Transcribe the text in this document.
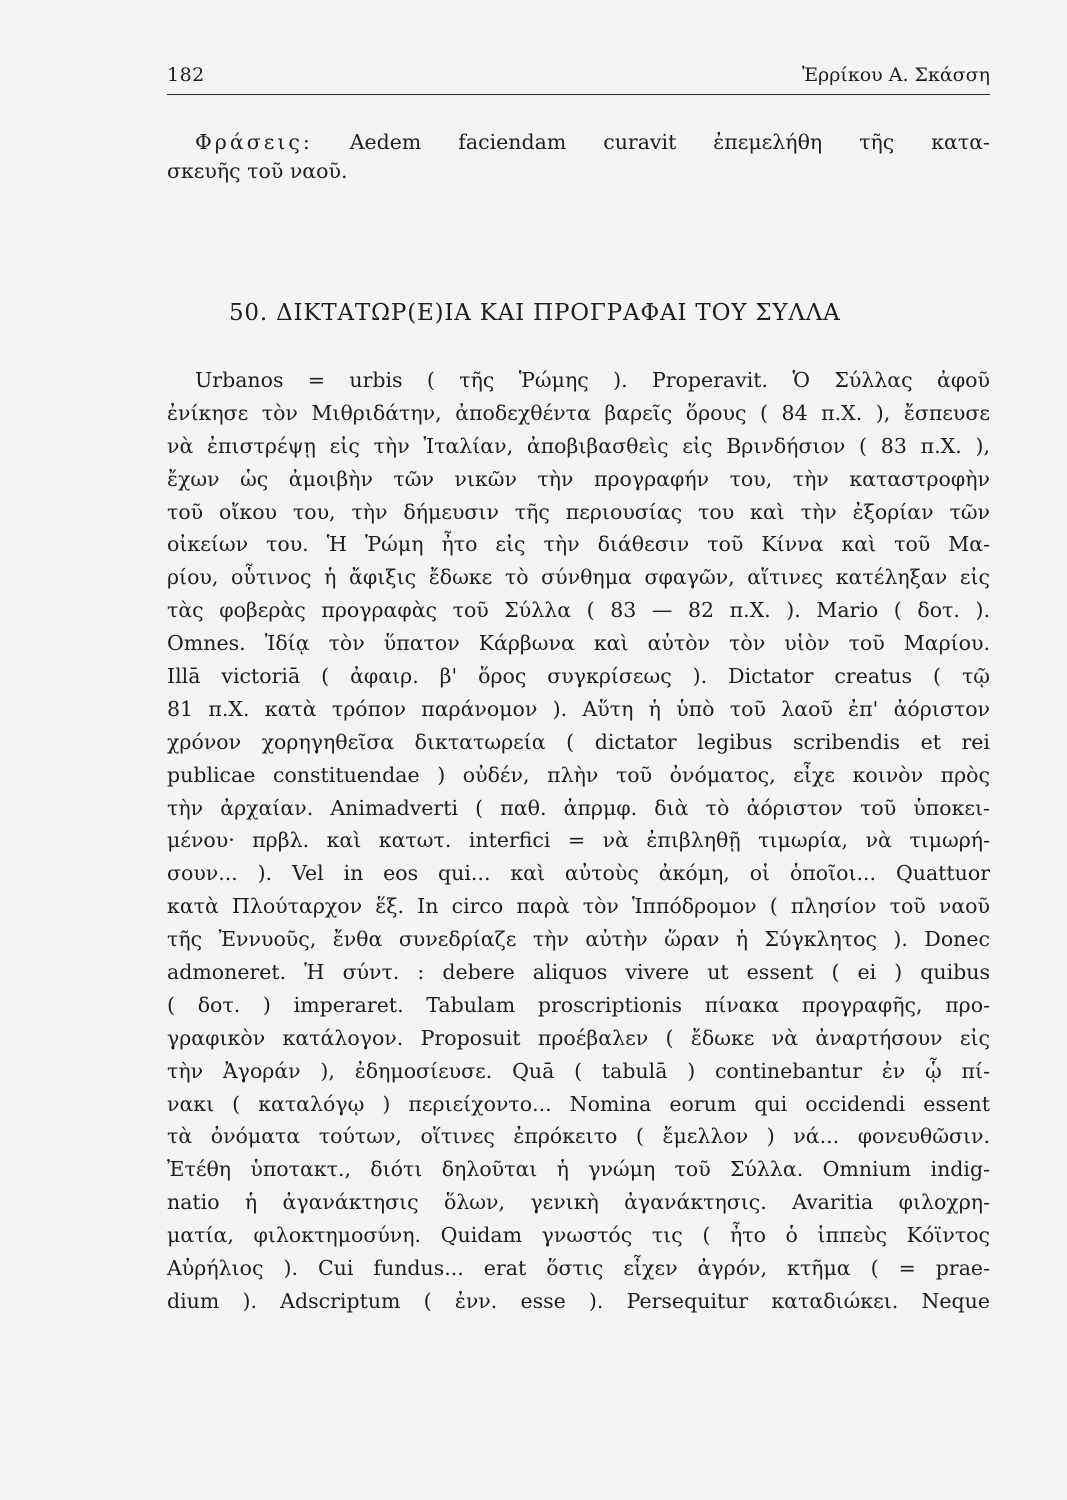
182	Ἐρρίκου Α. Σκάσση
Φράσεις: Aedem faciendam curavit ἐπεμελήθη τῆς κατα-
σκευῆς τοῦ ναοῦ.
50. ΔΙΚΤΑΤΩΡ(Ε)ΙΑ ΚΑΙ ΠΡΟΓΡΑΦΑΙ ΤΟΥ ΣΥΛΛΑ
Urbanos = urbis ( τῆς Ῥώμης ). Properavit. Ὁ Σύλλας ἀφοῦ
ἐνίκησε τὸν Μιθριδάτην, ἀποδεχθέντα βαρεῖς ὅρους ( 84 π.Χ. ), ἔσπευσε
νὰ ἐπιστρέψῃ εἰς τὴν Ἰταλίαν, ἀποβιβασθεὶς εἰς Βρινδήσιον ( 83 π.Χ. ),
ἔχων ὡς ἀμοιβὴν τῶν νικῶν τὴν προγραφήν του, τὴν καταστροφὴν
τοῦ οἴκου του, τὴν δήμευσιν τῆς περιουσίας του καὶ τὴν ἐξορίαν τῶν
οἰκείων του. Ἡ Ῥώμη ἦτο εἰς τὴν διάθεσιν τοῦ Κίννα καὶ τοῦ Μα-
ρίου, οὗτινος ἡ ἄφιξις ἔδωκε τὸ σύνθημα σφαγῶν, αἵτινες κατέληξαν εἰς
τὰς φοβερὰς προγραφὰς τοῦ Σύλλα ( 83 — 82 π.Χ. ). Mario ( δοτ. ).
Omnes. Ἰδίᾳ τὸν ὕπατον Κάρβωνα καὶ αὐτὸν τὸν υἱὸν τοῦ Μαρίου.
Illā victoriā ( ἀφαιρ. β' ὅρος συγκρίσεως ). Dictator creatus ( τῷ
81 π.Χ. κατὰ τρόπον παράνομον ). Αὕτη ἡ ὑπὸ τοῦ λαοῦ ἐπ' ἀόριστον
χρόνον χορηγηθεῖσα δικτατωρεία ( dictator legibus scribendis et rei
publicae constituendae ) οὐδέν, πλὴν τοῦ ὀνόματος, εἶχε κοινὸν πρὸς
τὴν ἀρχαίαν. Animadverti ( παθ. ἀπρμφ. διὰ τὸ ἀόριστον τοῦ ὑποκει-
μένου· πρβλ. καὶ κατωτ. interfici = νὰ ἐπιβληθῇ τιμωρία, νὰ τιμωρή-
σουν... ). Vel in eos qui... καὶ αὐτοὺς ἀκόμη, οἱ ὁποῖοι... Quattuor
κατὰ Πλούταρχον ἕξ. In circo παρὰ τὸν Ἱππόδρομον ( πλησίον τοῦ ναοῦ
τῆς Ἐννυοῦς, ἔνθα συνεδρίαζε τὴν αὐτὴν ὥραν ἡ Σύγκλητος ). Donec
admoneret. Ἡ σύντ. : debere aliquos vivere ut essent ( ei ) quibus
( δοτ. ) imperaret. Tabulam proscriptionis πίνακα προγραφῆς, προ-
γραφικὸν κατάλογον. Proposuit προέβαλεν ( ἔδωκε νὰ ἀναρτήσουν εἰς
τὴν Ἀγοράν ), ἐδημοσίευσε. Quā ( tabulā ) continebantur ἐν ᾧ πί-
νακι ( καταλόγῳ ) περιείχοντο... Nomina eorum qui occidendi essent
τὰ ὀνόματα τούτων, οἵτινες ἐπρόκειτο ( ἔμελλον ) νά... φονευθῶσιν.
Ἐτέθη ὑποτακτ., διότι δηλοῦται ἡ γνώμη τοῦ Σύλλα. Omnium indig-
natio ἡ ἀγανάκτησις ὅλων, γενικὴ ἀγανάκτησις. Avaritia φιλοχρη-
ματία, φιλοκτημοσύνη. Quidam γνωστός τις ( ἦτο ὁ ἱππεὺς Κόϊντος
Αὐρήλιος ). Cui fundus... erat ὅστις εἶχεν ἀγρόν, κτῆμα ( = prae-
dium ). Adscriptum ( ἐνν. esse ). Persequitur καταδιώκει. Neque
